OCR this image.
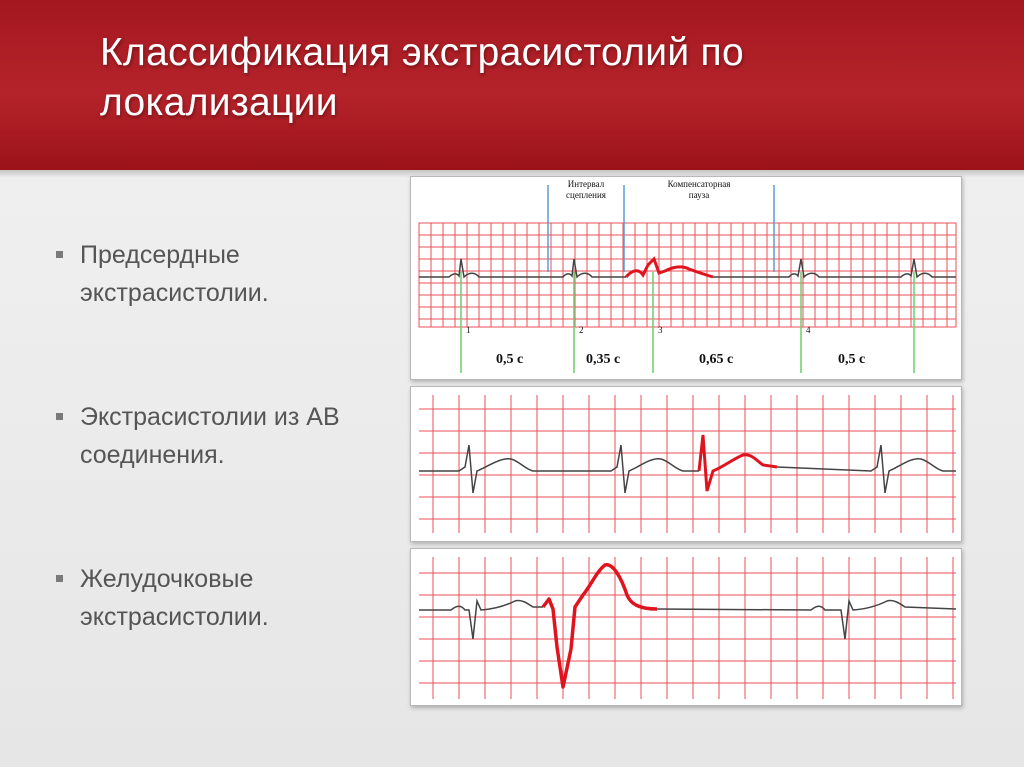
Классификация экстрасистолий по локализации
Предсердные экстрасистолии.
Экстрасистолии из АВ соединения.
Желудочковые экстрасистолии.
Интервал сцепления
Компенсаторная пауза
1	2	3	4
0,5 с	0,35 с	0,65 с	0,5 с
